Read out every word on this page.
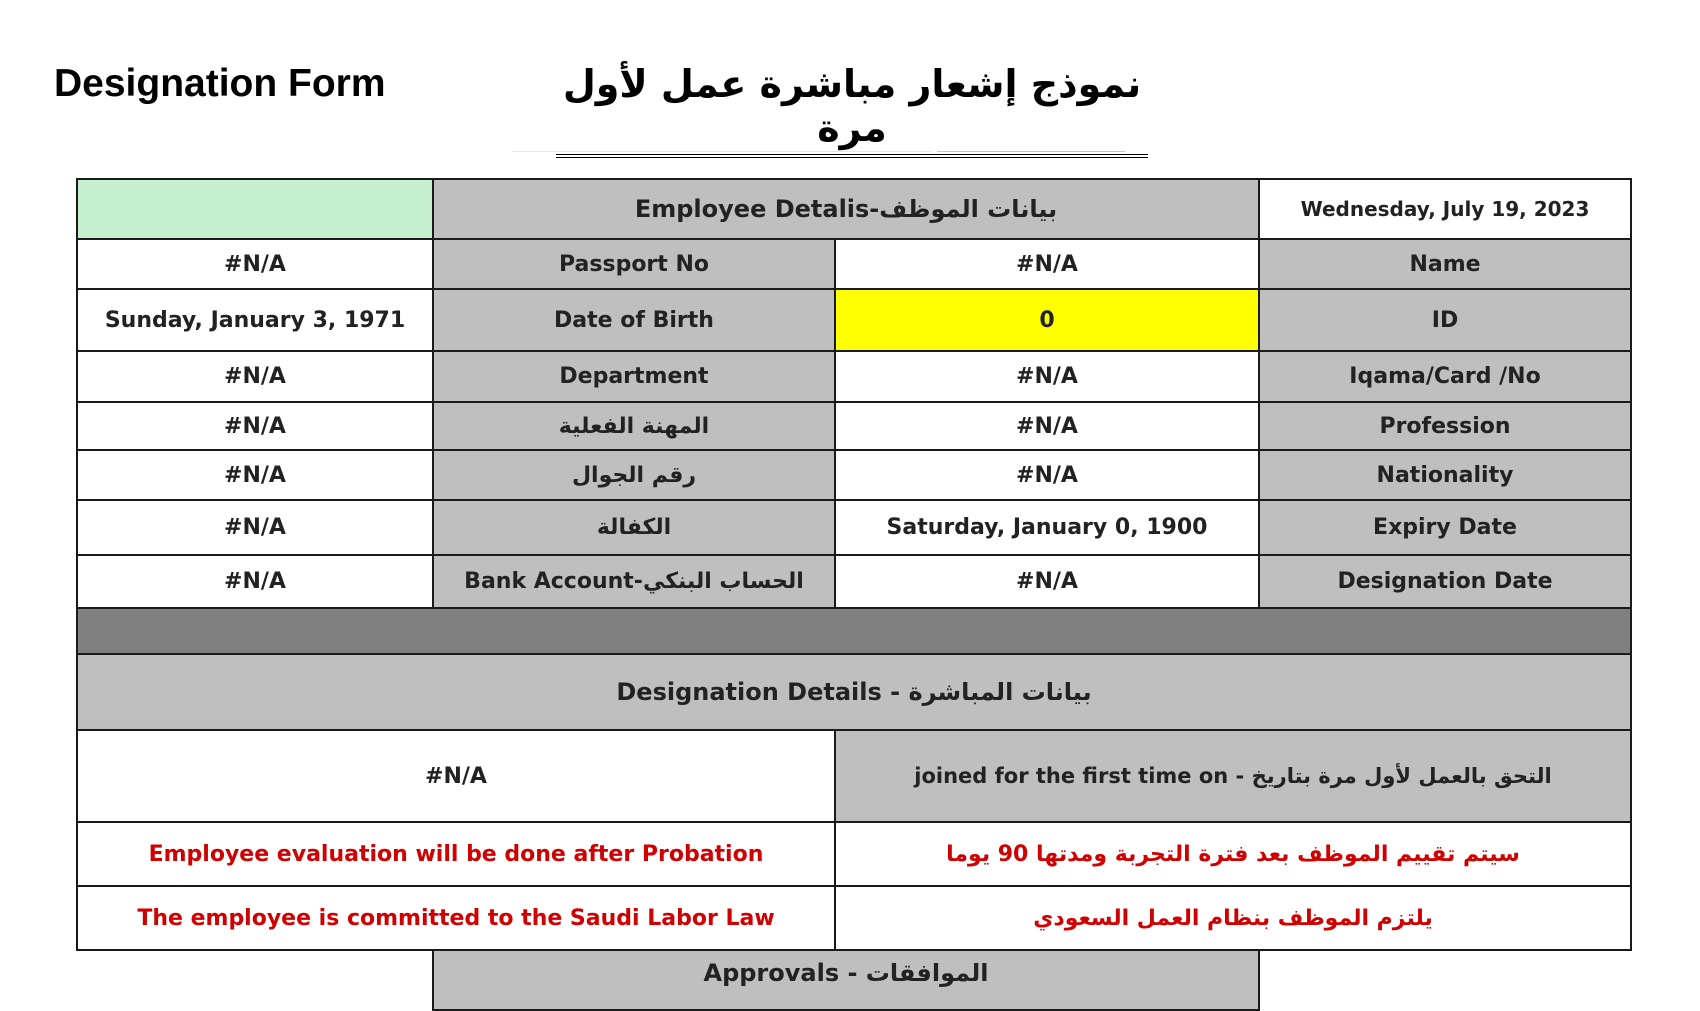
Designation Form	نموذج إشعار مباشرة عمل لأول مرة
	Employee Detalis-بيانات الموظف		Wednesday, July 19, 2023
#N/A	Passport No	#N/A	Name
Sunday, January 3, 1971	Date of Birth	0	ID
#N/A	Department	#N/A	Iqama/Card /No
#N/A	المهنة الفعلية	#N/A	Profession
#N/A	رقم الجوال	#N/A	Nationality
#N/A	الكفالة	Saturday, January 0, 1900	Expiry Date
#N/A	Bank Account-الحساب البنكي	#N/A	Designation Date

Designation Details - بيانات المباشرة			
#N/A		joined for the first time on - التحق بالعمل لأول مرة بتاريخ	
Employee evaluation will be done after Probation		سيتم تقييم الموظف بعد فترة التجربة ومدتها 90 يوما	
The employee is committed to the Saudi Labor Law		يلتزم الموظف بنظام العمل السعودي	
	Approvals - الموافقات		
